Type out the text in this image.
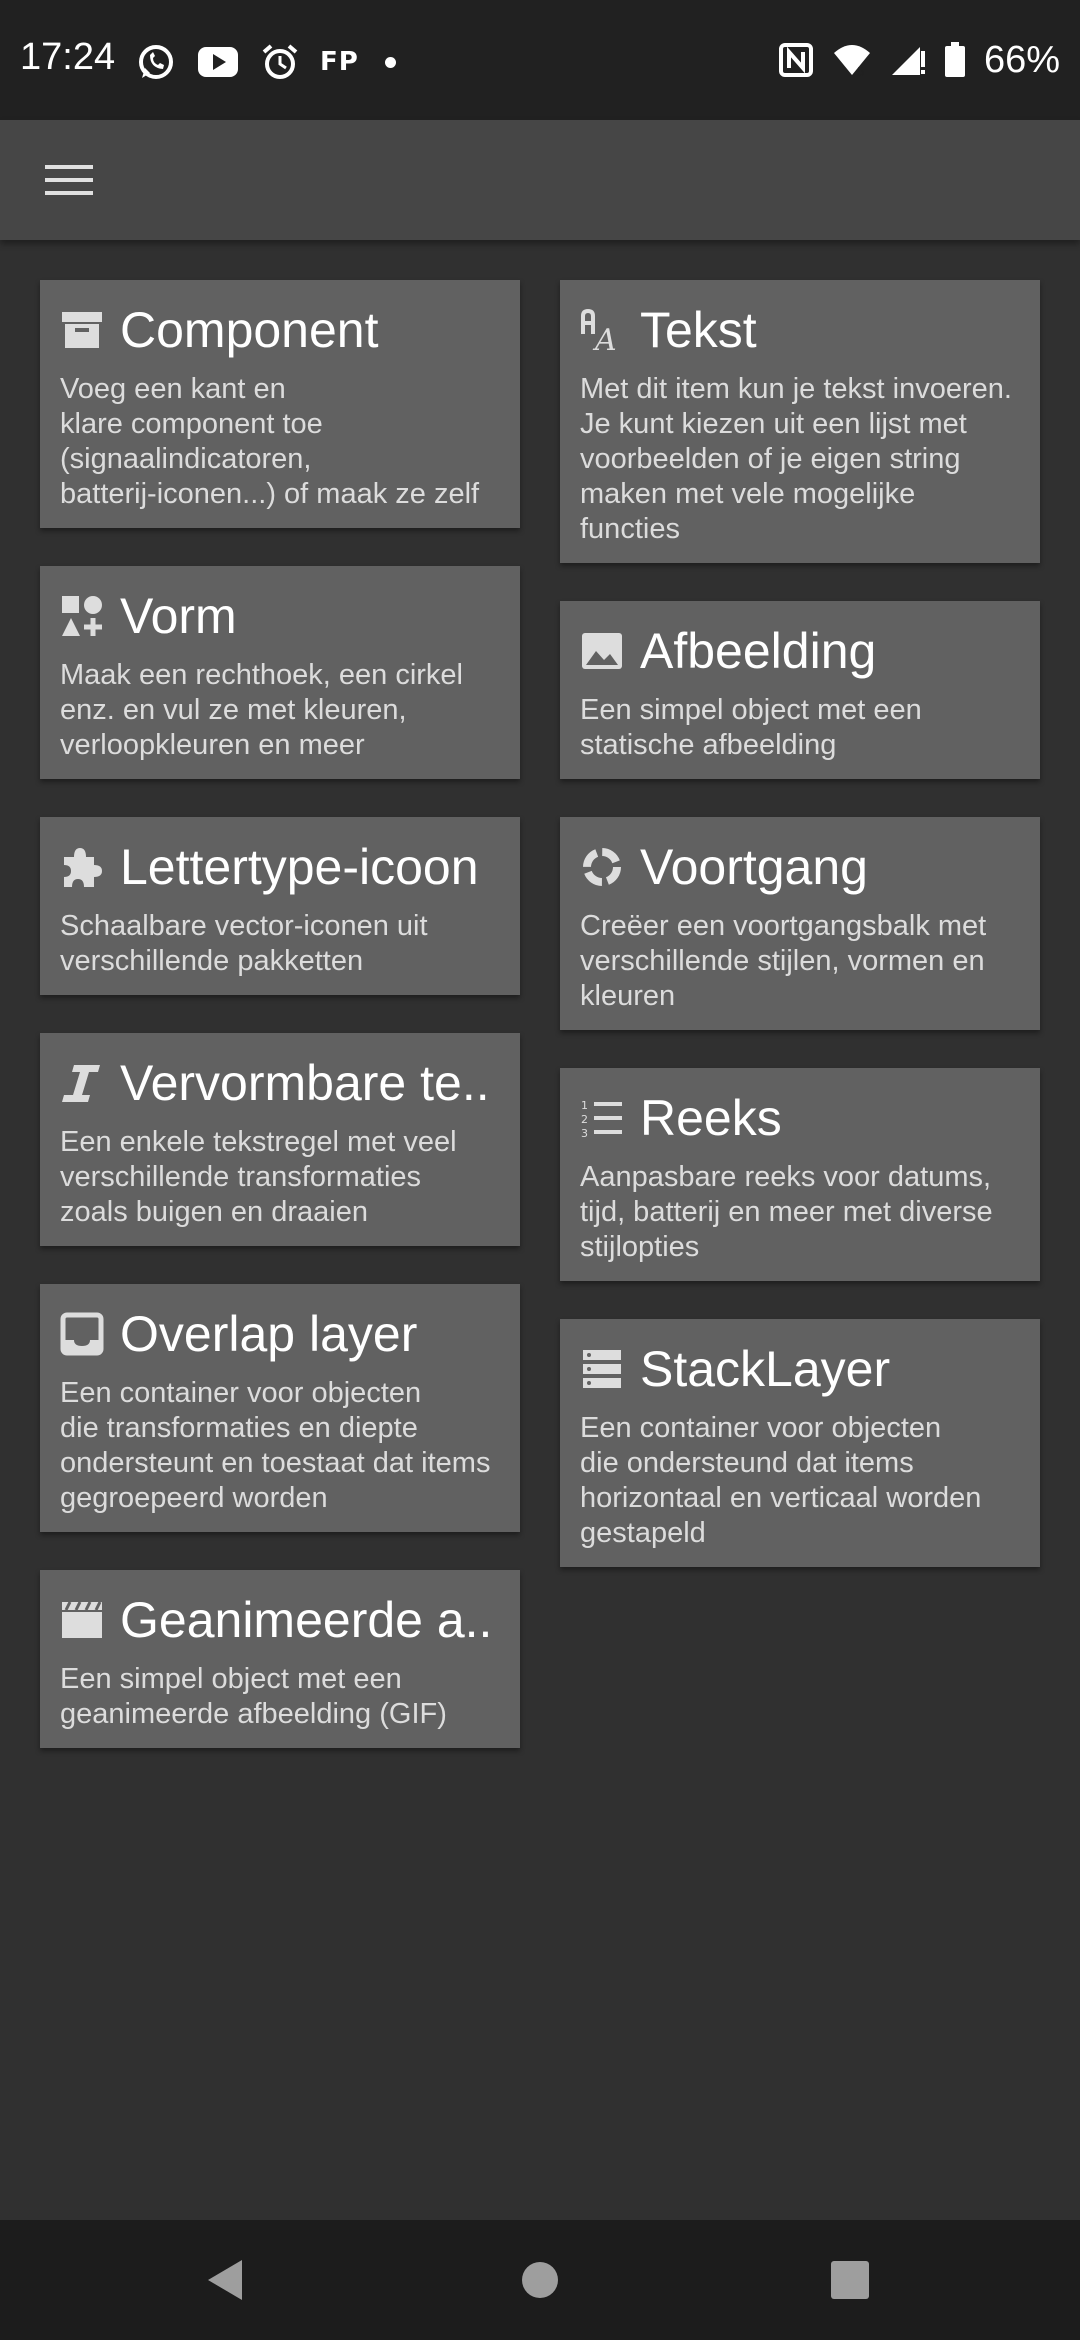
17:24	FP	5	66%
Component
Voeg een kant en
klare component toe
(signaalindicatoren,
batterij-iconen...) of maak ze zelf
Vorm
Maak een rechthoek, een cirkel
enz. en vul ze met kleuren,
verloopkleuren en meer
Lettertype-icoon
Schaalbare vector-iconen uit
verschillende pakketten
Vervormbare te..
Een enkele tekstregel met veel
verschillende transformaties
zoals buigen en draaien
Overlap layer
Een container voor objecten
die transformaties en diepte
ondersteunt en toestaat dat items
gegroepeerd worden
Geanimeerde a..
Een simpel object met een
geanimeerde afbeelding (GIF)
A Tekst
Met dit item kun je tekst invoeren.
Je kunt kiezen uit een lijst met
voorbeelden of je eigen string
maken met vele mogelijke
functies
Afbeelding
Een simpel object met een
statische afbeelding
Voortgang
Creëer een voortgangsbalk met
verschillende stijlen, vormen en
kleuren
1
2
3 Reeks
Aanpasbare reeks voor datums,
tijd, batterij en meer met diverse
stijlopties
StackLayer
Een container voor objecten
die ondersteund dat items
horizontaal en verticaal worden
gestapeld
